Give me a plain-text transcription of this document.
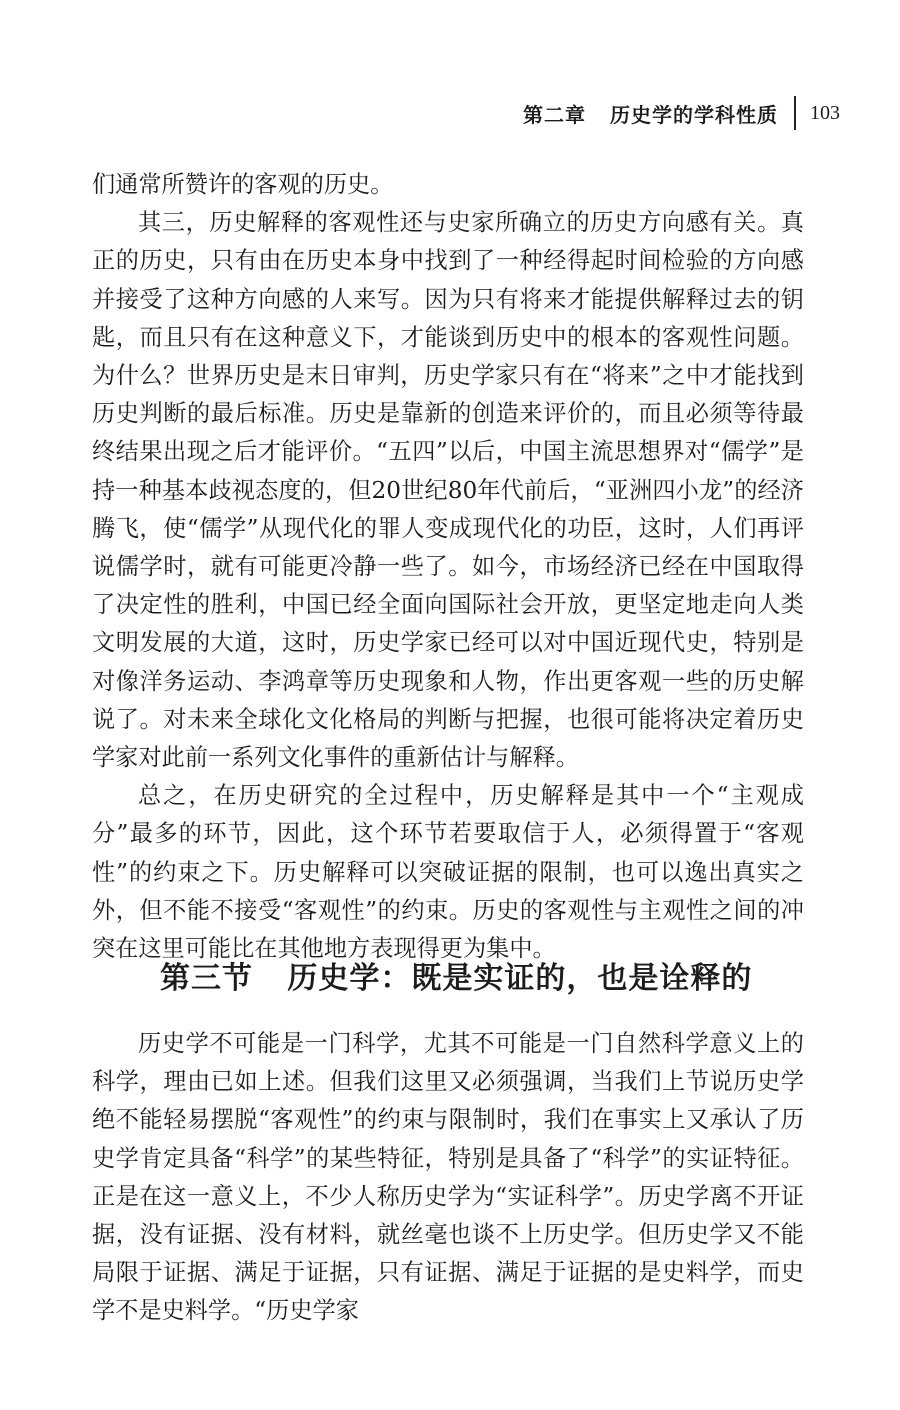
第二章 历史学的学科性质 103

们通常所赞许的客观的历史。

其三，历史解释的客观性还与史家所确立的历史方向感有关。真正的历史，只有由在历史本身中找到了一种经得起时间检验的方向感并接受了这种方向感的人来写。因为只有将来才能提供解释过去的钥匙，而且只有在这种意义下，才能谈到历史中的根本的客观性问题。为什么？世界历史是末日审判，历史学家只有在“将来”之中才能找到历史判断的最后标准。历史是靠新的创造来评价的，而且必须等待最终结果出现之后才能评价。“五四”以后，中国主流思想界对“儒学”是持一种基本歧视态度的，但20世纪80年代前后，“亚洲四小龙”的经济腾飞，使“儒学”从现代化的罪人变成现代化的功臣，这时，人们再评说儒学时，就有可能更冷静一些了。如今，市场经济已经在中国取得了决定性的胜利，中国已经全面向国际社会开放，更坚定地走向人类文明发展的大道，这时，历史学家已经可以对中国近现代史，特别是对像洋务运动、李鸿章等历史现象和人物，作出更客观一些的历史解说了。对未来全球化文化格局的判断与把握，也很可能将决定着历史学家对此前一系列文化事件的重新估计与解释。

总之，在历史研究的全过程中，历史解释是其中一个“主观成分”最多的环节，因此，这个环节若要取信于人，必须得置于“客观性”的约束之下。历史解释可以突破证据的限制，也可以逸出真实之外，但不能不接受“客观性”的约束。历史的客观性与主观性之间的冲突在这里可能比在其他地方表现得更为集中。

第三节 历史学：既是实证的，也是诠释的

历史学不可能是一门科学，尤其不可能是一门自然科学意义上的科学，理由已如上述。但我们这里又必须强调，当我们上节说历史学绝不能轻易摆脱“客观性”的约束与限制时，我们在事实上又承认了历史学肯定具备“科学”的某些特征，特别是具备了“科学”的实证特征。正是在这一意义上，不少人称历史学为“实证科学”。历史学离不开证据，没有证据、没有材料，就丝毫也谈不上历史学。但历史学又不能局限于证据、满足于证据，只有证据、满足于证据的是史料学，而史学不是史料学。“历史学家
